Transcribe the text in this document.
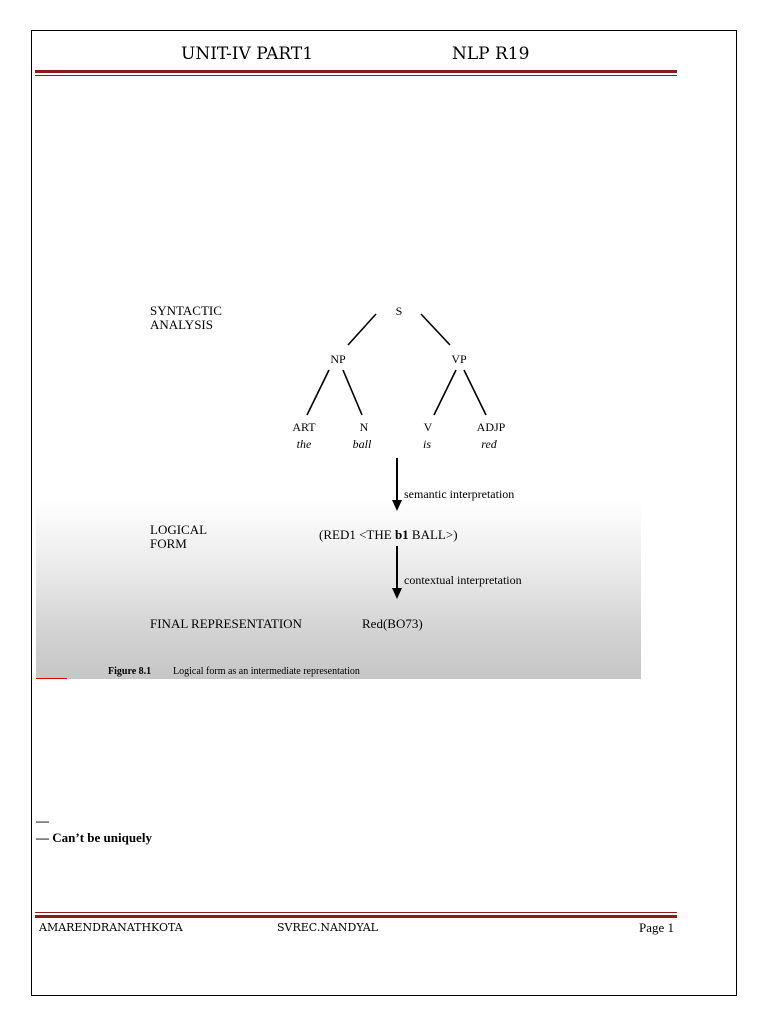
UNIT-IV PART1	NLP R19
SYNTACTIC
ANALYSIS
S
NP	VP
ART	N	V	ADJP
the	ball	is	red
semantic interpretation
LOGICAL
FORM
(RED1 <THE b1 BALL>)
contextual interpretation
FINAL REPRESENTATION	Red(BO73)
Figure 8.1 Logical form as an intermediate representation
—
— Can’t be uniquely
AMARENDRANATHKOTA	SVREC.NANDYAL	Page 1
